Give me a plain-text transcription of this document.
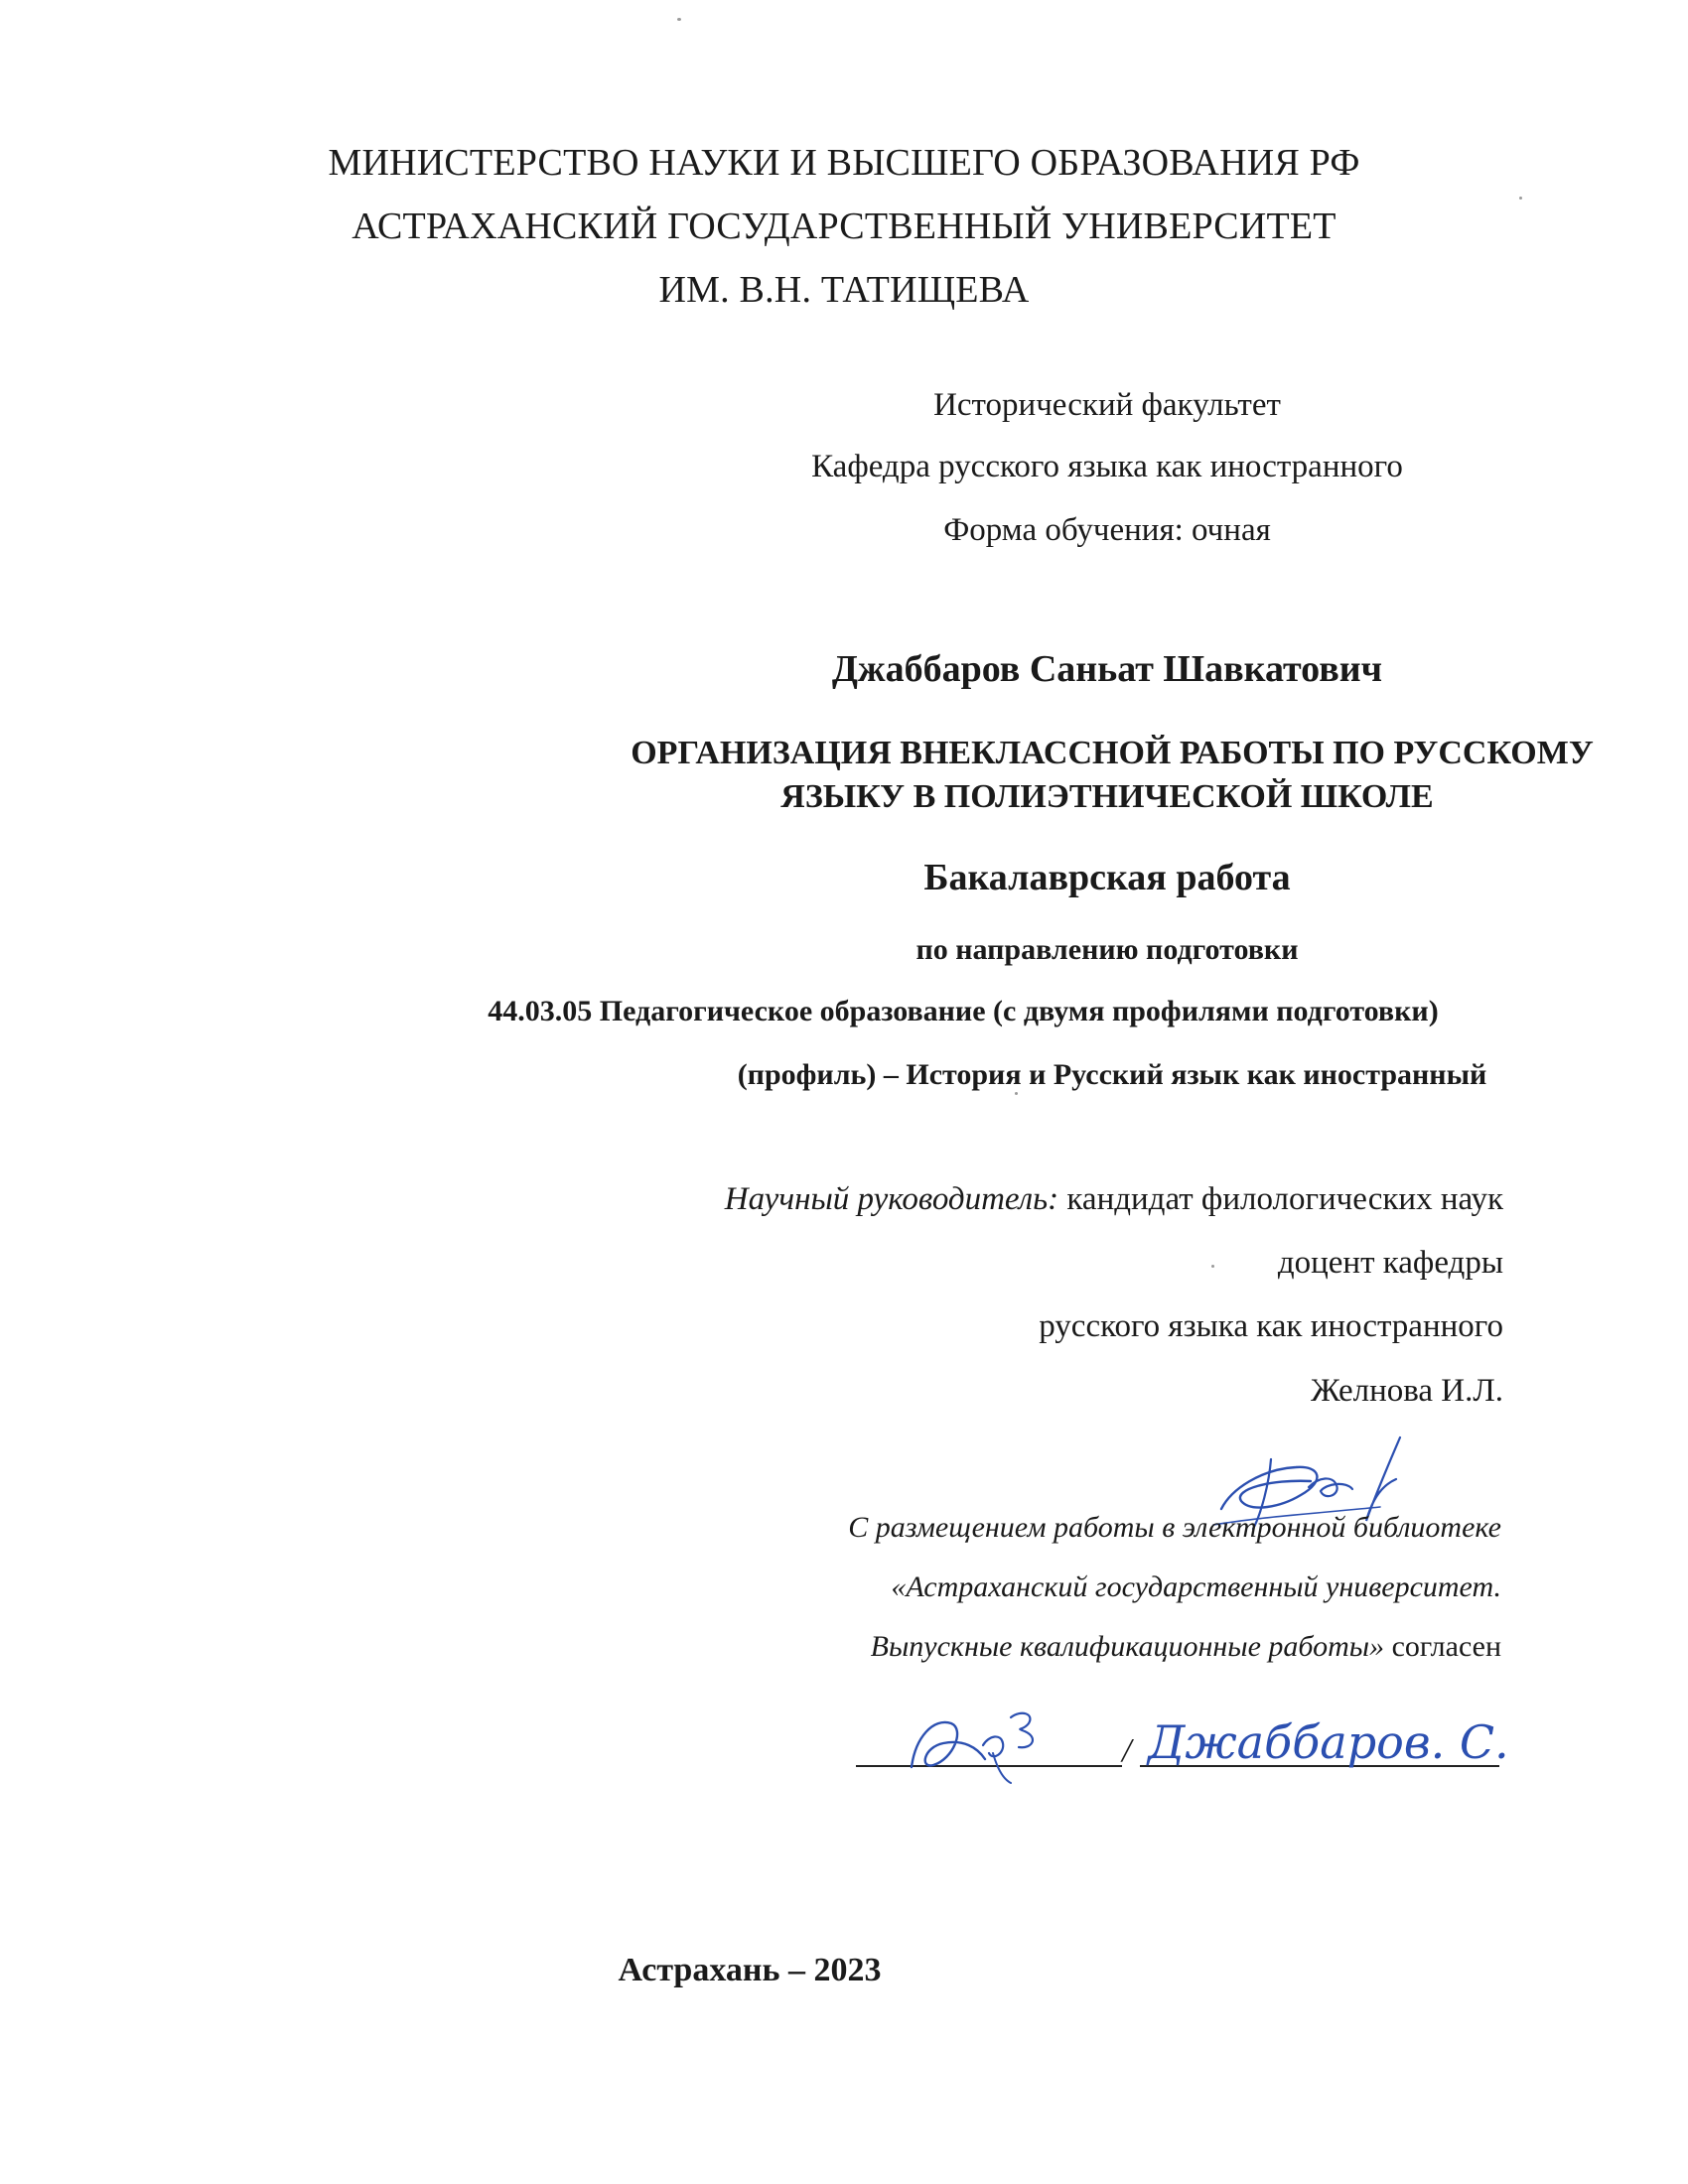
МИНИСТЕРСТВО НАУКИ И ВЫСШЕГО ОБРАЗОВАНИЯ РФ
АСТРАХАНСКИЙ ГОСУДАРСТВЕННЫЙ УНИВЕРСИТЕТ
ИМ. В.Н. ТАТИЩЕВА
Исторический факультет
Кафедра русского языка как иностранного
Форма обучения: очная
Джаббаров Саньат Шавкатович
ОРГАНИЗАЦИЯ ВНЕКЛАССНОЙ РАБОТЫ ПО РУССКОМУ
ЯЗЫКУ В ПОЛИЭТНИЧЕСКОЙ ШКОЛЕ
Бакалаврская работа
по направлению подготовки
44.03.05 Педагогическое образование (с двумя профилями подготовки)
(профиль) – История и Русский язык как иностранный
Научный руководитель: кандидат филологических наук
доцент кафедры
русского языка как иностранного
Желнова И.Л.
С размещением работы в электронной библиотеке
«Астраханский государственный университет.
Выпускные квалификационные работы» согласен
/ Джаббаров. С.
Астрахань – 2023
